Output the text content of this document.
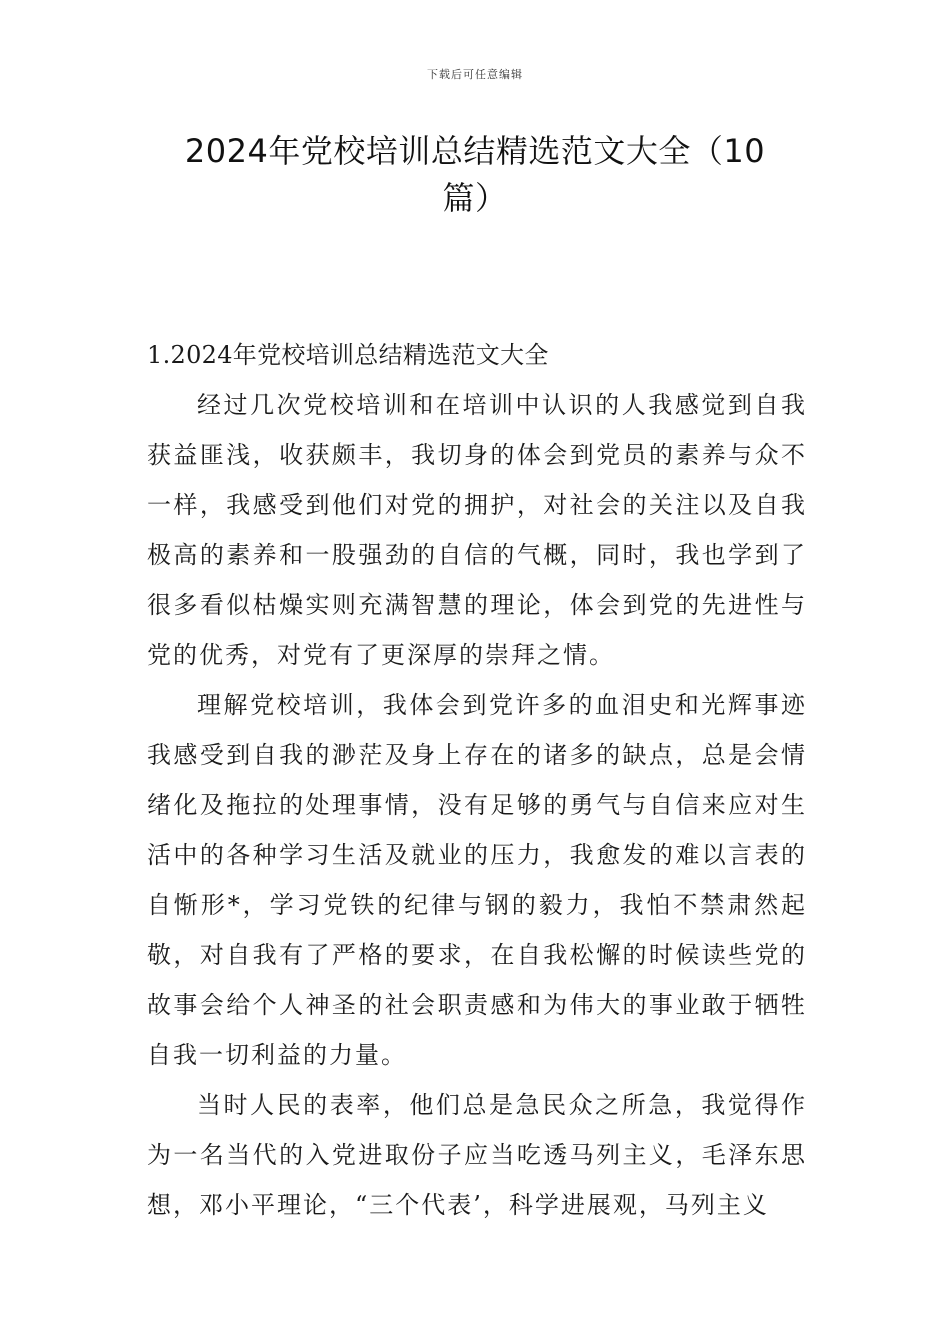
下载后可任意编辑
2024年党校培训总结精选范文大全（10
篇）

1.2024年党校培训总结精选范文大全

经过几次党校培训和在培训中认识的人我感觉到自我获益匪浅，收获颇丰，我切身的体会到党员的素养与众不一样，我感受到他们对党的拥护，对社会的关注以及自我极高的素养和一股强劲的自信的气概，同时，我也学到了很多看似枯燥实则充满智慧的理论，体会到党的先进性与党的优秀，对党有了更深厚的崇拜之情。

理解党校培训，我体会到党许多的血泪史和光辉事迹我感受到自我的渺茫及身上存在的诸多的缺点，总是会情绪化及拖拉的处理事情，没有足够的勇气与自信来应对生活中的各种学习生活及就业的压力，我愈发的难以言表的自惭形*，学习党铁的纪律与钢的毅力，我怕不禁肃然起敬，对自我有了严格的要求，在自我松懈的时候读些党的故事会给个人神圣的社会职责感和为伟大的事业敢于牺牲自我一切利益的力量。

当时人民的表率，他们总是急民众之所急，我觉得作为一名当代的入党进取份子应当吃透马列主义，毛泽东思想，邓小平理论，“三个代表’，科学进展观，马列主义
